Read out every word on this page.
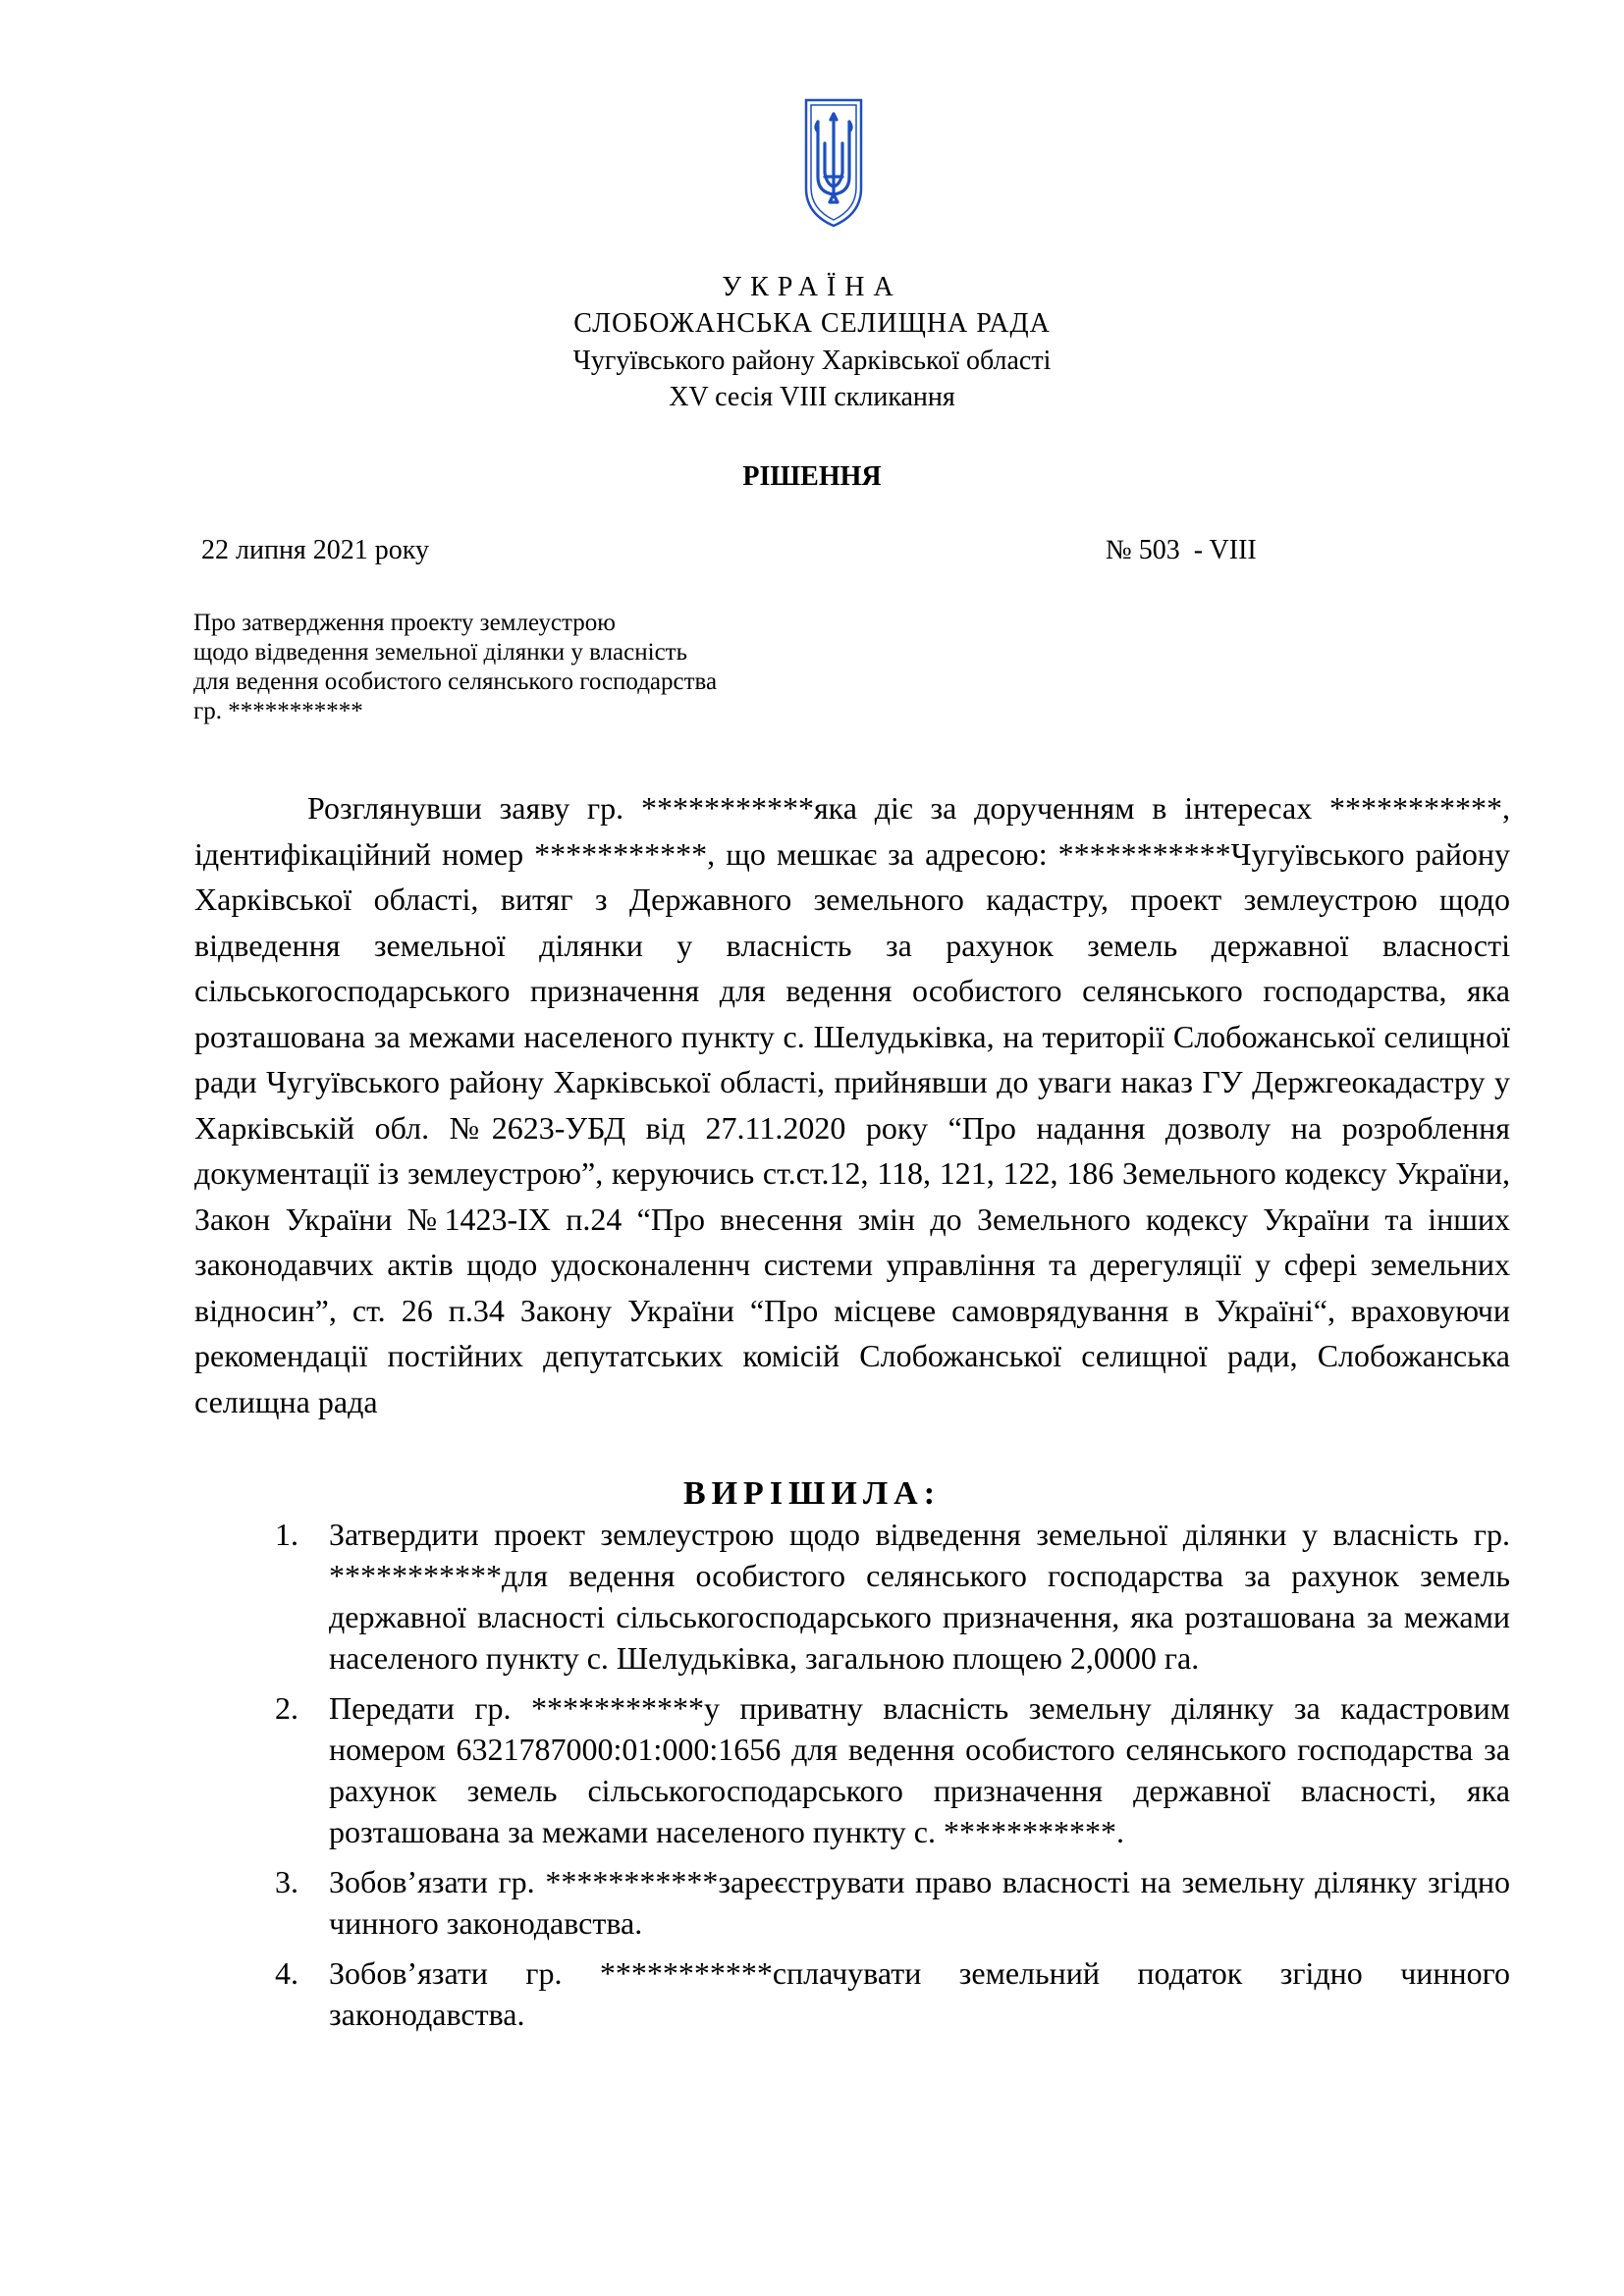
УКРАЇНА
СЛОБОЖАНСЬКА СЕЛИЩНА РАДА
Чугуївського району Харківської області
XV сесія VIII скликання
РІШЕННЯ
22 липня 2021 року	№ 503  - VIII
Про затвердження проекту землеустрою
щодо відведення земельної ділянки у власність
для ведення особистого селянського господарства
гр. ***********
Розглянувши заяву гр. ***********яка діє за дорученням в інтересах ***********, ідентифікаційний номер ***********, що мешкає за адресою: ***********Чугуївського району Харківської області, витяг з Державного земельного кадастру, проект землеустрою щодо відведення земельної ділянки у власність за рахунок земель державної власності сільськогосподарського призначення для ведення особистого селянського господарства, яка розташована за межами населеного пункту с. Шелудьківка, на території Слобожанської селищної ради Чугуївського району Харківської області, прийнявши до уваги наказ ГУ Держгеокадастру у Харківській обл. №2623-УБД від 27.11.2020 року “Про надання дозволу на розроблення документації із землеустрою”, керуючись ст.ст.12, 118, 121, 122, 186 Земельного кодексу України, Закон України №1423-IX п.24 “Про внесення змін до Земельного кодексу України та інших законодавчих актів щодо удосконаленнч системи управління та дерегуляції у сфері земельних відносин”, ст. 26 п.34 Закону України “Про місцеве самоврядування в Україні“, враховуючи рекомендації постійних депутатських комісій Слобожанської селищної ради, Слобожанська селищна рада
ВИРІШИЛА:
1. Затвердити проект землеустрою щодо відведення земельної ділянки у власність гр. ***********для ведення особистого селянського господарства за рахунок земель державної власності сільськогосподарського призначення, яка розташована за межами населеного пункту с. Шелудьківка, загальною площею 2,0000 га.
2. Передати гр. ***********у приватну власність земельну ділянку за кадастровим номером 6321787000:01:000:1656 для ведення особистого селянського господарства за рахунок земель сільськогосподарського призначення державної власності, яка розташована за межами населеного пункту с. ***********.
3. Зобов’язати гр. ***********зареєструвати право власності на земельну ділянку згідно чинного законодавства.
4. Зобов’язати гр. ***********сплачувати земельний податок згідно чинного законодавства.
